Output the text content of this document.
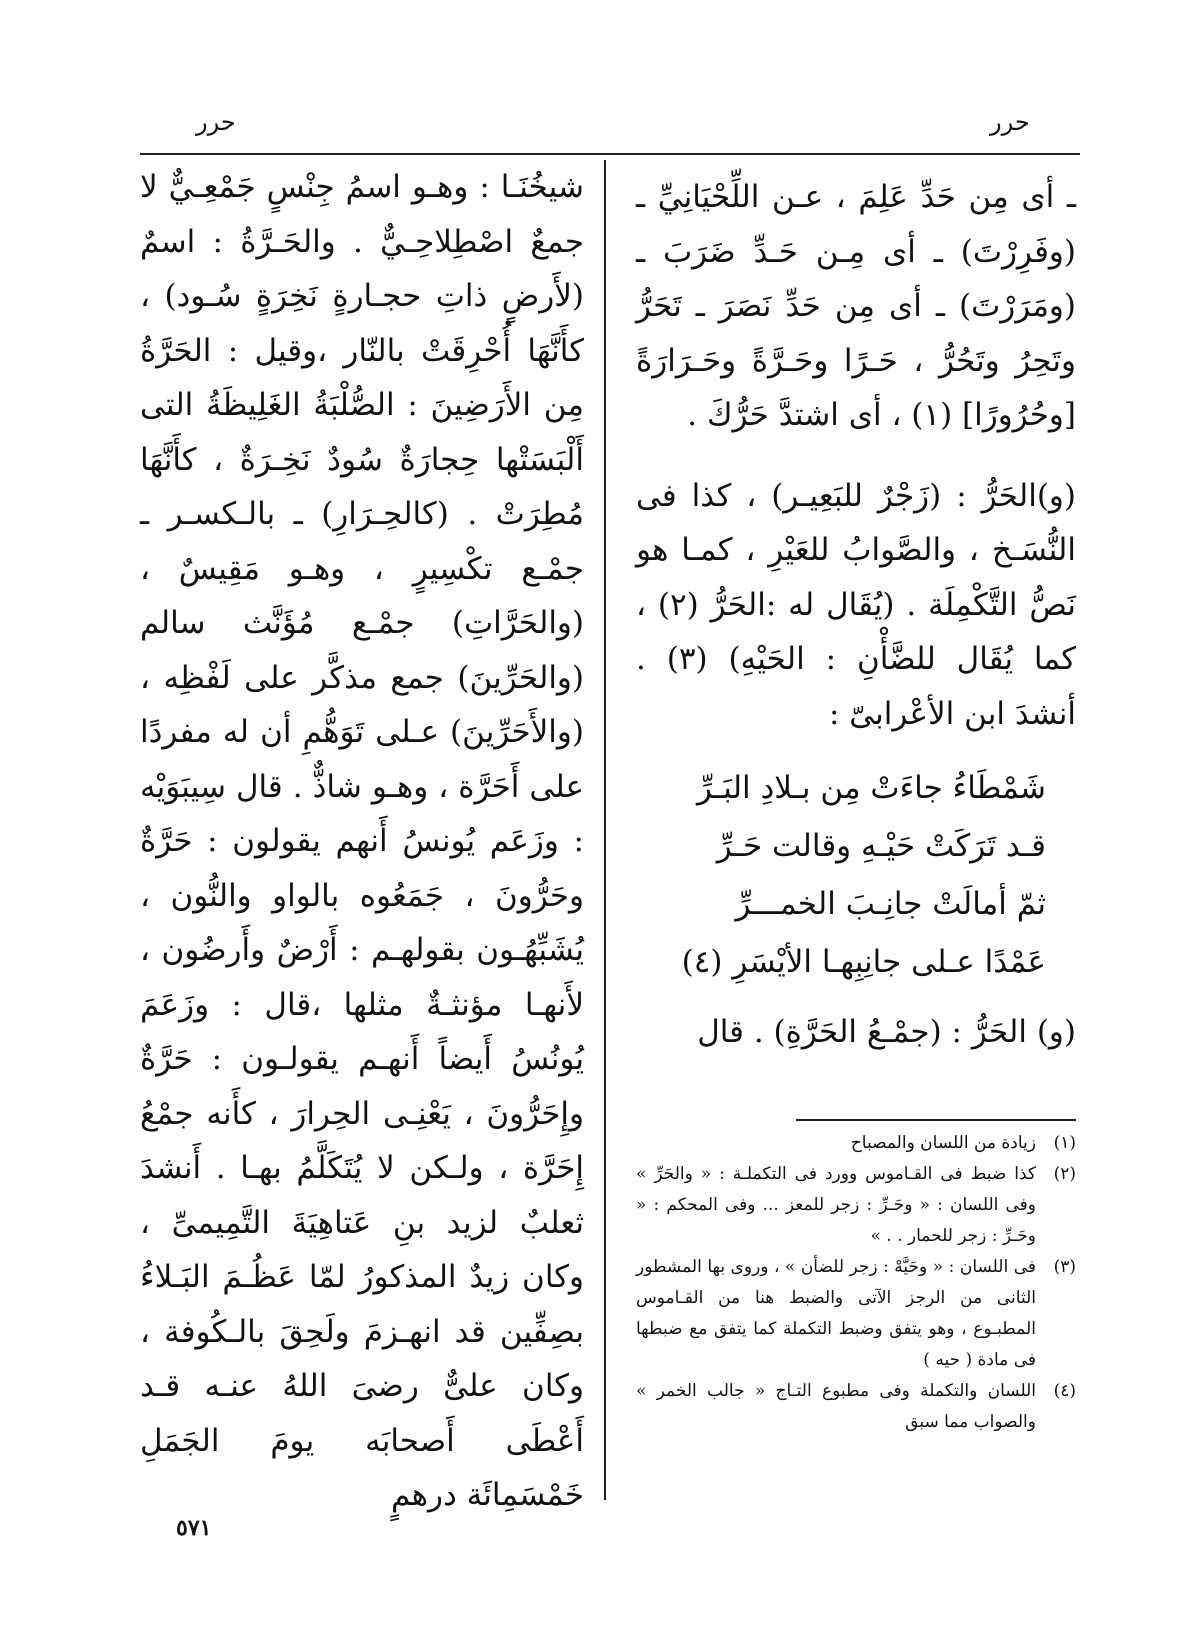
حرر
حرر

ـ أى مِن حَدِّ عَلِمَ ، عـن اللِّحْيَانِيِّ ـ (وفَرِرْتَ) ـ أى مِـن حَـدِّ ضَرَبَ ـ (ومَرَرْتَ) ـ أى مِن حَدِّ نَصَرَ ـ تَحَرُّ وتَحِرُ وتَحُرُّ ، حَـرًا وحَـرَّةً وحَـرَارَةً [وحُرُورًا] (١) ، أى اشتدَّ حَرُّكَ .

(و)الحَرُّ : (زَجْرٌ للبَعِيـر) ، كذا فى النُّسَـخ ، والصَّوابُ للعَيْرِ ، كمـا هو نَصُّ التَّكْمِلَة . (يُقَال له :الحَرُّ (٢) ، كما يُقَال للضَّأْنِ : الحَيْهِ) (٣) . أنشدَ ابن الأعْرابىّ :

شَمْطَاءُ جاءَتْ مِن بـلادِ البَـرِّ
قـد تَرَكَتْ حَيْـهِ وقالت حَـرِّ
ثمّ أمالَتْ جانِـبَ الخمـــرِّ
عَمْدًا عـلى جانِبِهـا الأيْسَرِ (٤)

(و) الحَرُّ : (جمْـعُ الحَرَّةِ) . قال

(١)
زيادة من اللسان والمصباح
(٢)
كذا ضبط فى القـاموس وورد فى التكملـة : « والحَرِّ » وفى اللسان : « وحَـرِّ : زجر للمعز ... وفى المحكم : « وحَـرِّ : زجر للحمار . . »
(٣)
فى اللسان : « وحَيَّهْ : زجر للضأن » ، وروى بها المشطور الثانى من الرجز الآتى والضبط هنا من القـاموس المطبـوع ، وهو يتفق وضبط التكملة كما يتفق مع ضبطها فى مادة ( حيه )
(٤)
اللسان والتكملة وفى مطبوع التـاج « جالب الخمر » والصواب مما سبق

شيخُنَـا : وهـو اسمُ جِنْسٍ جَمْعِـيٌّ لا جمعٌ اصْطِلاحِـيٌّ . والحَـرَّةُ : اسمٌ (لأَرضٍ ذاتِ حجـارةٍ نَخِرَةٍ سُـود) ، كأَنَّهَا أُحْرِقَتْ بالنّار ،وقيل : الحَرَّةُ مِن الأَرَضِينَ : الصُّلْبَةُ الغَلِيظَةُ التى أَلْبَسَتْها حِجارَةٌ سُودٌ نَخِـرَةٌ ، كأَنَّهَا مُطِرَتْ . (كالحِـرَارِ) ـ بالـكسـر ـ جمْـع تكْسِيرٍ ، وهـو مَقِيسٌ ، (والحَرَّاتِ) جمْـع مُؤَنَّث سالم (والحَرِّينَ) جمع مذكَّر على لَفْظِه ، (والأَحَرِّينَ) عـلى تَوَهُّمِ أن له مفردًا على أَحَرَّة ، وهـو شاذٌّ . قال سِيبَوَيْه : وزَعَم يُونسُ أَنهم يقولون : حَرَّةٌ وحَرُّونَ ، جَمَعُوه بالواو والنُّون ، يُشَبِّهُـون بقولهـم : أَرْضٌ وأَرضُون ، لأَنهـا مؤنثـةٌ مثلها ،قال : وزَعَمَ يُونُسُ أَيضاً أَنهـم يقولـون : حَرَّةٌ وإِحَرُّونَ ، يَعْنِـى الحِرارَ ، كأَنه جمْعُ إِحَرَّة ، ولـكن لا يُتَكَلَّمُ بهـا . أَنشدَ ثعلبٌ لزيد بنِ عَتاهِيَةَ التَّمِيمىِّ ، وكان زيدٌ المذكورُ لمّا عَظُـمَ البَـلاءُ بصِفِّين قد انهـزمَ ولَحِقَ بالـكُوفة ، وكان علىٌّ رضىَ اللهُ عنـه قـد أَعْطَى أَصحابَه يومَ الجَمَلِ خَمْسَمِائَة درهمٍ

٥٧١
